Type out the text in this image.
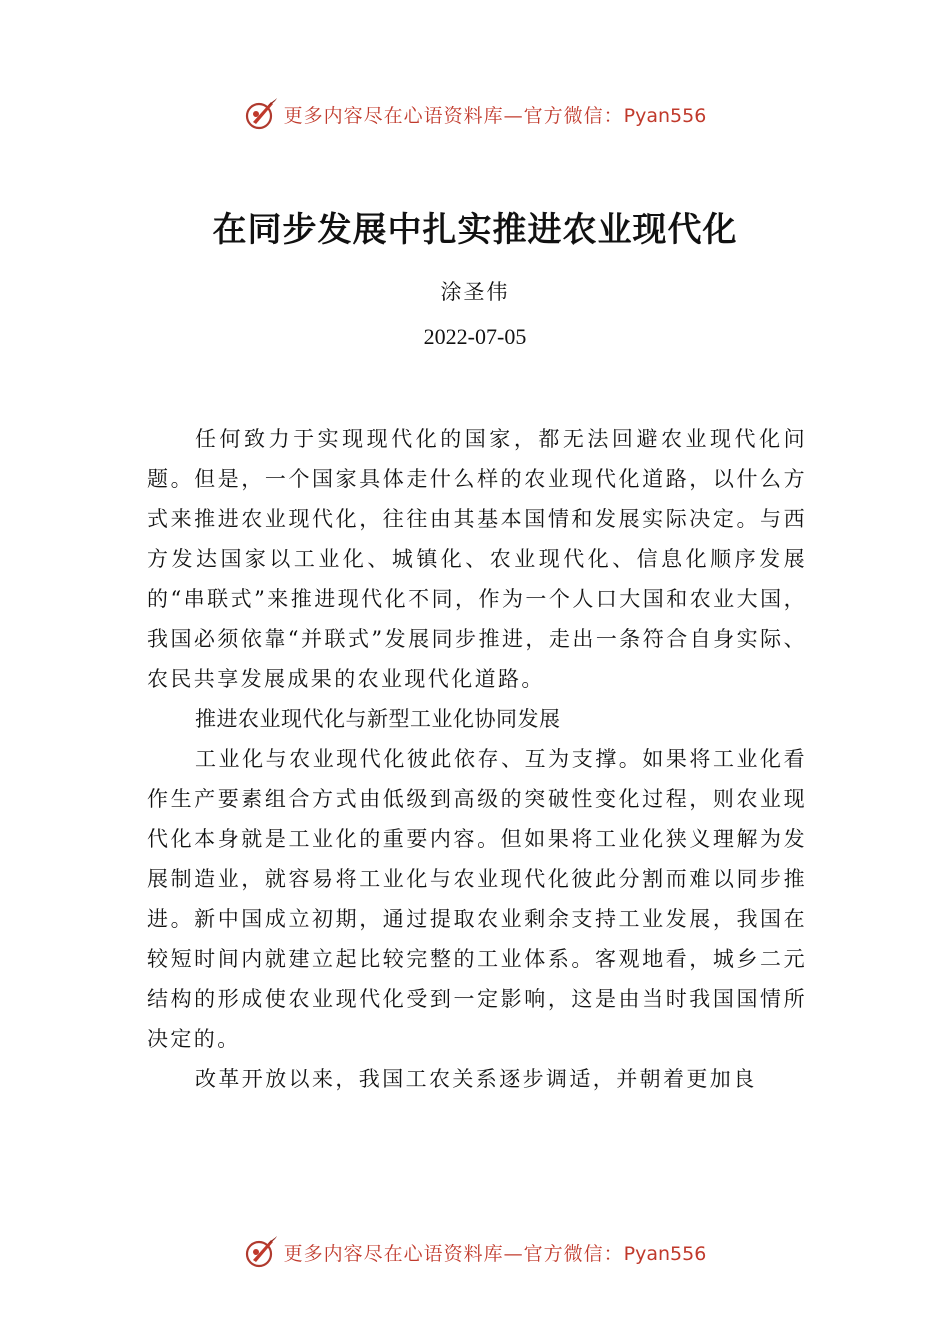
更多内容尽在心语资料库—官方微信：Pyan556
在同步发展中扎实推进农业现代化
涂圣伟
2022-07-05

任何致力于实现现代化的国家，都无法回避农业现代化问题。但是，一个国家具体走什么样的农业现代化道路，以什么方式来推进农业现代化，往往由其基本国情和发展实际决定。与西方发达国家以工业化、城镇化、农业现代化、信息化顺序发展的“串联式”来推进现代化不同，作为一个人口大国和农业大国，我国必须依靠“并联式”发展同步推进，走出一条符合自身实际、农民共享发展成果的农业现代化道路。

推进农业现代化与新型工业化协同发展

工业化与农业现代化彼此依存、互为支撑。如果将工业化看作生产要素组合方式由低级到高级的突破性变化过程，则农业现代化本身就是工业化的重要内容。但如果将工业化狭义理解为发展制造业，就容易将工业化与农业现代化彼此分割而难以同步推进。新中国成立初期，通过提取农业剩余支持工业发展，我国在较短时间内就建立起比较完整的工业体系。客观地看，城乡二元结构的形成使农业现代化受到一定影响，这是由当时我国国情所决定的。

改革开放以来，我国工农关系逐步调适，并朝着更加良

更多内容尽在心语资料库—官方微信：Pyan556
